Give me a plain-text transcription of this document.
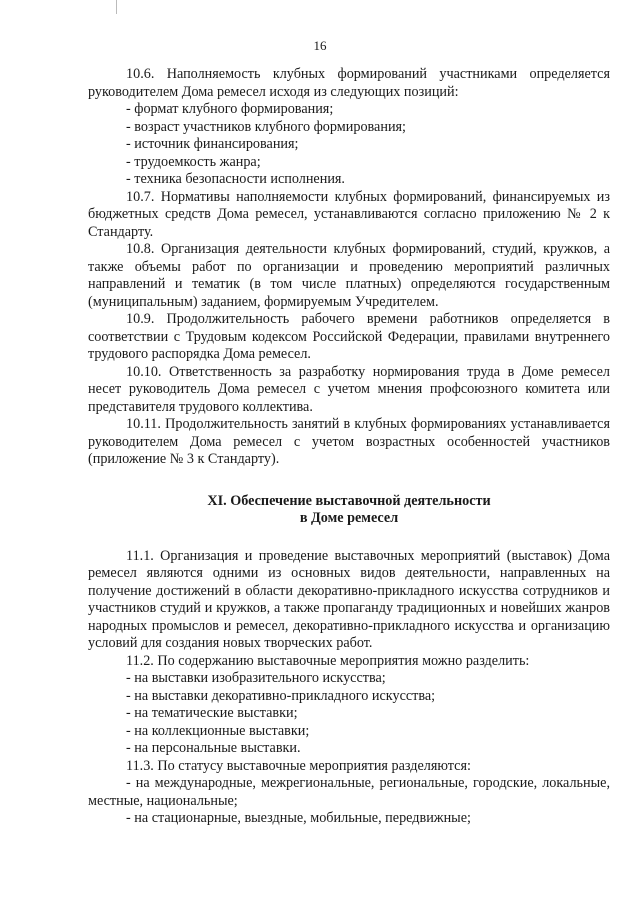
16

10.6. Наполняемость клубных формирований участниками определяется руководителем Дома ремесел исходя из следующих позиций:

- формат клубного формирования;

- возраст участников клубного формирования;

- источник финансирования;

- трудоемкость жанра;

- техника безопасности исполнения.

10.7. Нормативы наполняемости клубных формирований, финансируемых из бюджетных средств Дома ремесел, устанавливаются согласно приложению № 2 к Стандарту.

10.8. Организация деятельности клубных формирований, студий, кружков, а также объемы работ по организации и проведению мероприятий различных направлений и тематик (в том числе платных) определяются государственным (муниципальным) заданием, формируемым Учредителем.

10.9. Продолжительность рабочего времени работников определяется в соответствии с Трудовым кодексом Российской Федерации, правилами внутреннего трудового распорядка Дома ремесел.

10.10. Ответственность за разработку нормирования труда в Доме ремесел несет руководитель Дома ремесел с учетом мнения профсоюзного комитета или представителя трудового коллектива.

10.11. Продолжительность занятий в клубных формированиях устанавливается руководителем Дома ремесел с учетом возрастных особенностей участников (приложение № 3 к Стандарту).

XI. Обеспечение выставочной деятельности
в Доме ремесел

11.1. Организация и проведение выставочных мероприятий (выставок) Дома ремесел являются одними из основных видов деятельности, направленных на получение достижений в области декоративно-прикладного искусства сотрудников и участников студий и кружков, а также пропаганду традиционных и новейших жанров народных промыслов и ремесел, декоративно-прикладного искусства и организацию условий для создания новых творческих работ.

11.2. По содержанию выставочные мероприятия можно разделить:

- на выставки изобразительного искусства;

- на выставки декоративно-прикладного искусства;

- на тематические выставки;

- на коллекционные выставки;

- на персональные выставки.

11.3. По статусу выставочные мероприятия разделяются:

- на международные, межрегиональные, региональные, городские, локальные, местные, национальные;

- на стационарные, выездные, мобильные, передвижные;
